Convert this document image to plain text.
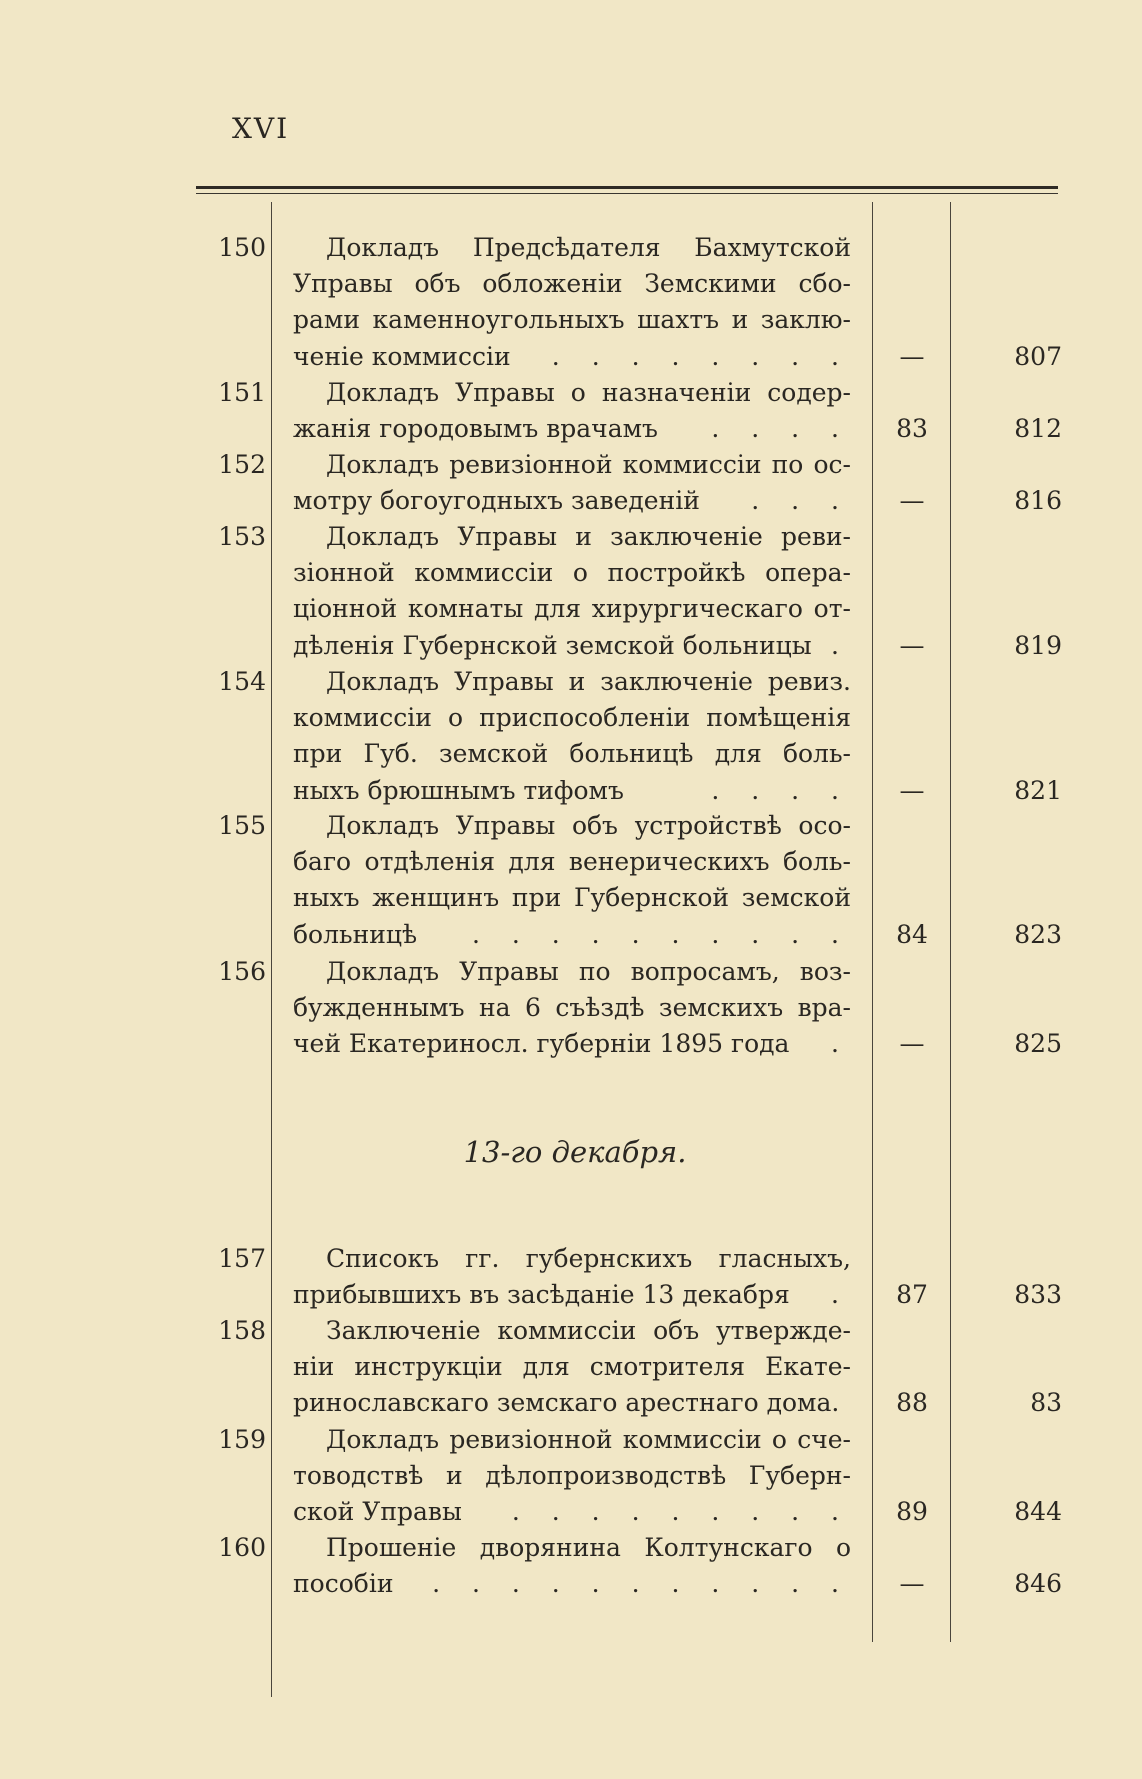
XVI
150 Докладъ Предсѣдателя Бахмутской
Управы объ обложеніи Земскими сбо-
рами каменноугольныхъ шахтъ и заклю-
ченіе коммиссіи . . . . . . . .	—	807
151 Докладъ Управы о назначеніи содер-
жанія городовымъ врачамъ . . . .	83	812
152 Докладъ ревизіонной коммиссіи по ос-
мотру богоугодныхъ заведеній . . .	—	816
153 Докладъ Управы и заключеніе реви-
зіонной коммиссіи о постройкѣ опера-
ціонной комнаты для хирургическаго от-
дѣленія Губернской земской больницы .	—	819
154 Докладъ Управы и заключеніе ревиз.
коммиссіи о приспособленіи помѣщенія
при Губ. земской больницѣ для боль-
ныхъ брюшнымъ тифомъ	. . . .	—	821
155 Докладъ Управы объ устройствѣ осо-
баго отдѣленія для венерическихъ боль-
ныхъ женщинъ при Губернской земской
больницѣ . . . . . . . . . .	84	823
156 Докладъ Управы по вопросамъ, воз-
бужденнымъ на 6 съѣздѣ земскихъ вра-
чей Екатериносл. губерніи 1895 года .	—	825
157 Списокъ гг. губернскихъ гласныхъ,
прибывшихъ въ засѣданіе 13 декабря .	87	833
158 Заключеніе коммиссіи объ утвержде-
ніи инструкціи для смотрителя Екате-
ринославскаго земскаго арестнаго дома.	88	83
159 Докладъ ревизіонной коммиссіи о сче-
товодствѣ и дѣлопроизводствѣ Губерн-
ской Управы . . . . . . . . .	89	844
160 Прошеніе дворянина Колтунскаго о
пособіи . . . . . . . . . . .	—	846
13-го декабря.
